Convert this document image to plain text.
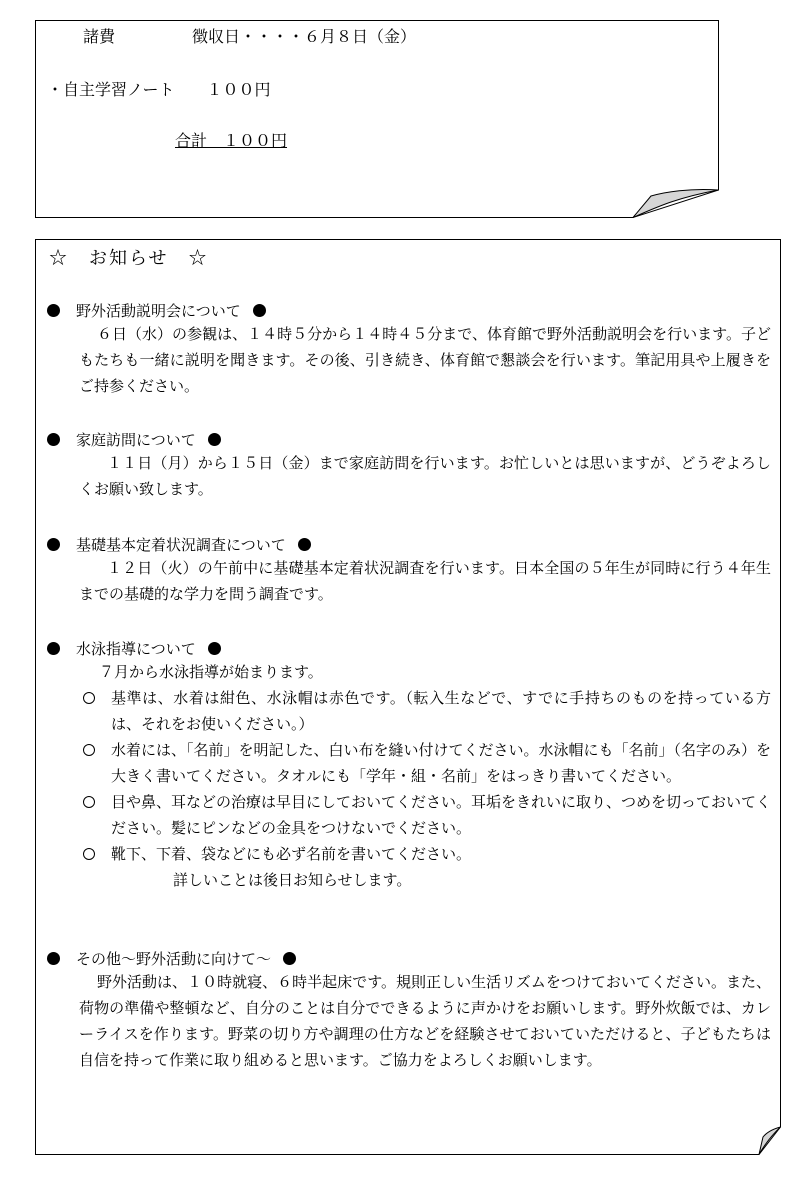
諸費	徴収日・・・・６月８日（金）
・自主学習ノート　　１００円
合計　１００円
☆　お知らせ　☆
野外活動説明会について
６日（水）の参観は、１４時５分から１４時４５分まで、体育館で野外活動説明会を行います。子どもたちも一緒に説明を聞きます。その後、引き続き、体育館で懇談会を行います。筆記用具や上履きをご持参ください。
家庭訪問について
１１日（月）から１５日（金）まで家庭訪問を行います。お忙しいとは思いますが、どうぞよろしくお願い致します。
基礎基本定着状況調査について
１２日（火）の午前中に基礎基本定着状況調査を行います。日本全国の５年生が同時に行う４年生までの基礎的な学力を問う調査です。
水泳指導について
７月から水泳指導が始まります。
基準は、水着は紺色、水泳帽は赤色です。（転入生などで、すでに手持ちのものを持っている方は、それをお使いください。）
水着には、「名前」を明記した、白い布を縫い付けてください。水泳帽にも「名前」（名字のみ）を大きく書いてください。タオルにも「学年・組・名前」をはっきり書いてください。
目や鼻、耳などの治療は早目にしておいてください。耳垢をきれいに取り、つめを切っておいてください。髪にピンなどの金具をつけないでください。
靴下、下着、袋などにも必ず名前を書いてください。
詳しいことは後日お知らせします。
その他～野外活動に向けて～
野外活動は、１０時就寝、６時半起床です。規則正しい生活リズムをつけておいてください。また、荷物の準備や整頓など、自分のことは自分でできるように声かけをお願いします。野外炊飯では、カレーライスを作ります。野菜の切り方や調理の仕方などを経験させておいていただけると、子どもたちは自信を持って作業に取り組めると思います。ご協力をよろしくお願いします。
